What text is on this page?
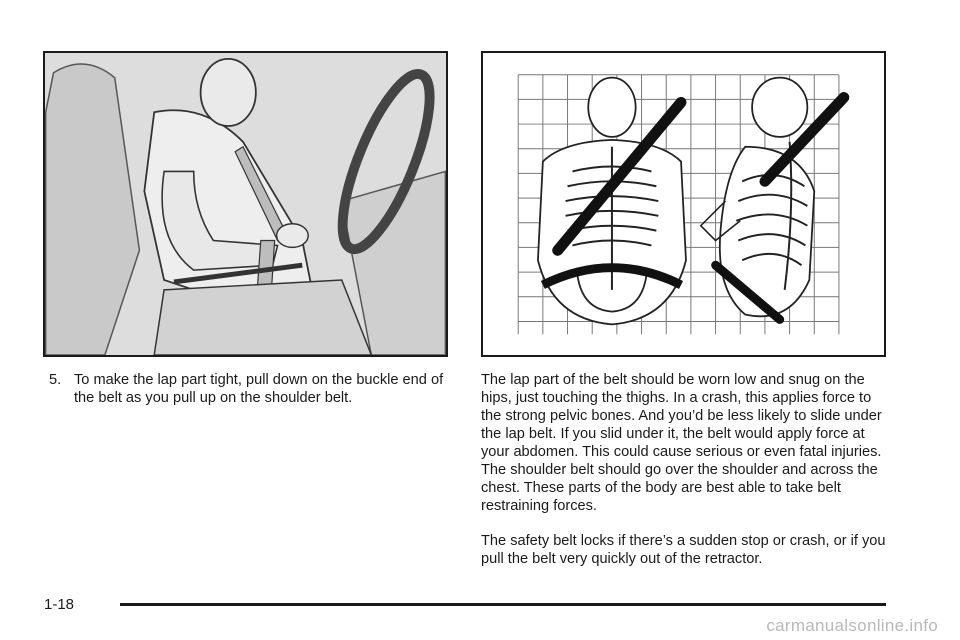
5. To make the lap part tight, pull down on the buckle end of the belt as you pull up on the shoulder belt.

The lap part of the belt should be worn low and snug on the hips, just touching the thighs. In a crash, this applies force to the strong pelvic bones. And you’d be less likely to slide under the lap belt. If you slid under it, the belt would apply force at your abdomen. This could cause serious or even fatal injuries. The shoulder belt should go over the shoulder and across the chest. These parts of the body are best able to take belt restraining forces.

The safety belt locks if there’s a sudden stop or crash, or if you pull the belt very quickly out of the retractor.

1-18
carmanualsonline.info
